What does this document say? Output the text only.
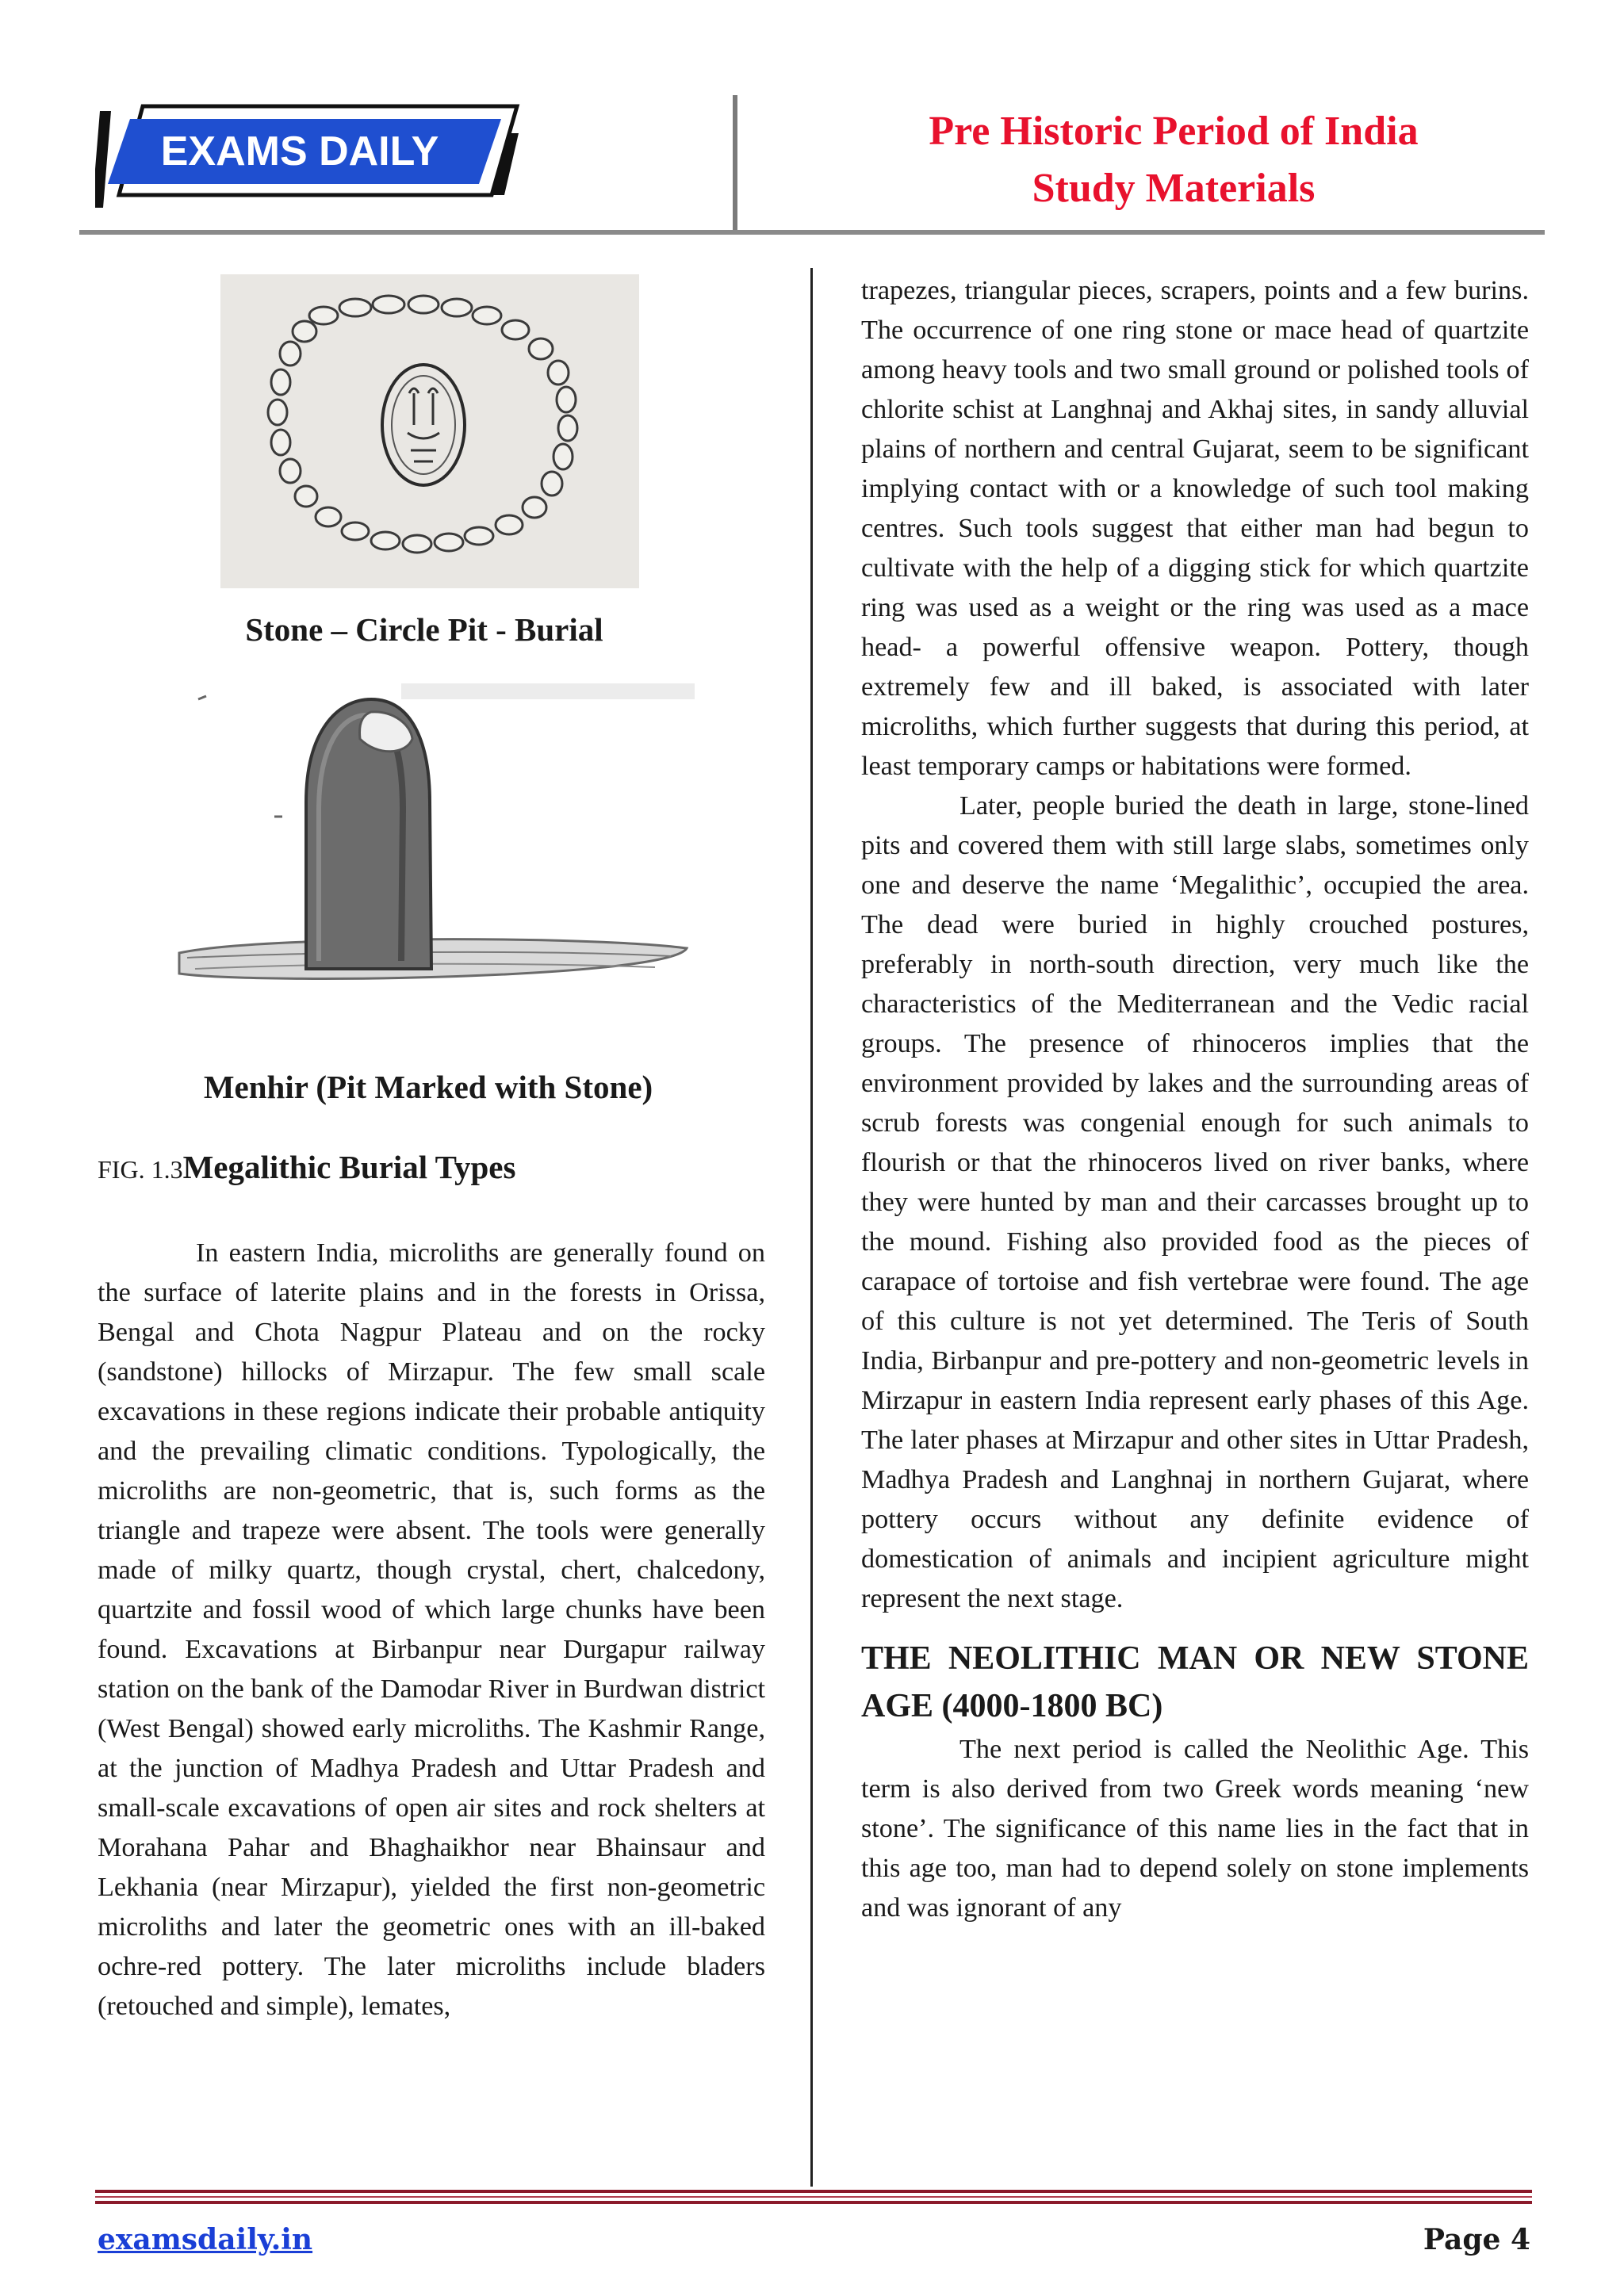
EXAMS DAILY	Pre Historic Period of India
Study Materials
Stone – Circle Pit - Burial
Menhir (Pit Marked with Stone)
FIG. 1.3Megalithic Burial Types

In eastern India, microliths are generally found on the surface of laterite plains and in the forests in Orissa, Bengal and Chota Nagpur Plateau and on the rocky (sandstone) hillocks of Mirzapur. The few small scale excavations in these regions indicate their probable antiquity and the prevailing climatic conditions. Typologically, the microliths are non-geometric, that is, such forms as the triangle and trapeze were absent. The tools were generally made of milky quartz, though crystal, chert, chalcedony, quartzite and fossil wood of which large chunks have been found. Excavations at Birbanpur near Durgapur railway station on the bank of the Damodar River in Burdwan district (West Bengal) showed early microliths. The Kashmir Range, at the junction of Madhya Pradesh and Uttar Pradesh and small-scale excavations of open air sites and rock shelters at Morahana Pahar and Bhaghaikhor near Bhainsaur and Lekhania (near Mirzapur), yielded the first non-geometric microliths and later the geometric ones with an ill-baked ochre-red pottery. The later microliths include bladers (retouched and simple), lemates,

trapezes, triangular pieces, scrapers, points and a few burins. The occurrence of one ring stone or mace head of quartzite among heavy tools and two small ground or polished tools of chlorite schist at Langhnaj and Akhaj sites, in sandy alluvial plains of northern and central Gujarat, seem to be significant implying contact with or a knowledge of such tool making centres. Such tools suggest that either man had begun to cultivate with the help of a digging stick for which quartzite ring was used as a weight or the ring was used as a mace head- a powerful offensive weapon. Pottery, though extremely few and ill baked, is associated with later microliths, which further suggests that during this period, at least temporary camps or habitations were formed.

Later, people buried the death in large, stone-lined pits and covered them with still large slabs, sometimes only one and deserve the name ‘Megalithic’, occupied the area. The dead were buried in highly crouched postures, preferably in north-south direction, very much like the characteristics of the Mediterranean and the Vedic racial groups. The presence of rhinoceros implies that the environment provided by lakes and the surrounding areas of scrub forests was congenial enough for such animals to flourish or that the rhinoceros lived on river banks, where they were hunted by man and their carcasses brought up to the mound. Fishing also provided food as the pieces of carapace of tortoise and fish vertebrae were found. The age of this culture is not yet determined. The Teris of South India, Birbanpur and pre-pottery and non-geometric levels in Mirzapur in eastern India represent early phases of this Age. The later phases at Mirzapur and other sites in Uttar Pradesh, Madhya Pradesh and Langhnaj in northern Gujarat, where pottery occurs without any definite evidence of domestication of animals and incipient agriculture might represent the next stage.

THE NEOLITHIC MAN OR NEW STONE AGE (4000-1800 BC)

The next period is called the Neolithic Age. This term is also derived from two Greek words meaning ‘new stone’. The significance of this name lies in the fact that in this age too, man had to depend solely on stone implements and was ignorant of any

examsdaily.in	Page 4
